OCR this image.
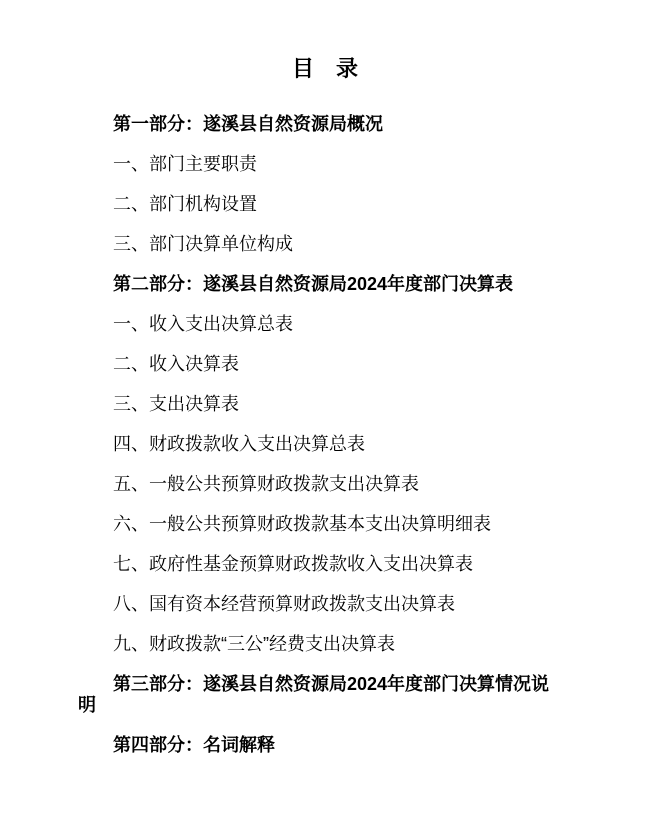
目 录

第一部分：遂溪县自然资源局概况

一、部门主要职责

二、部门机构设置

三、部门决算单位构成

第二部分：遂溪县自然资源局2024年度部门决算表

一、收入支出决算总表

二、收入决算表

三、支出决算表

四、财政拨款收入支出决算总表

五、一般公共预算财政拨款支出决算表

六、一般公共预算财政拨款基本支出决算明细表

七、政府性基金预算财政拨款收入支出决算表

八、国有资本经营预算财政拨款支出决算表

九、财政拨款“三公”经费支出决算表

第三部分：遂溪县自然资源局2024年度部门决算情况说
明

第四部分：名词解释
